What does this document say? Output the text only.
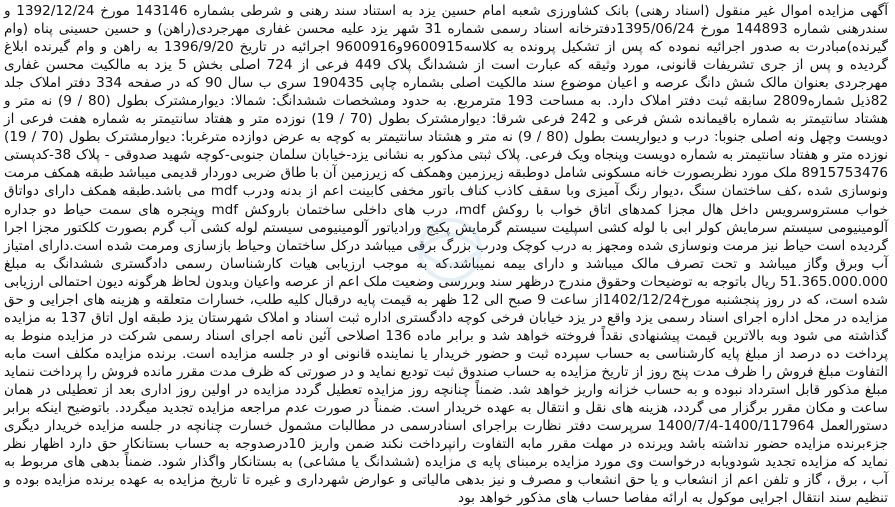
آگهی مزایده اموال غیر منقول (اسناد رهنی) بانک کشاورزی شعبه امام حسین یزد به استناد سند رهنی و شرطی بشماره 143146 مورخ 1392/12/24 و سندرهنی شماره 144893 مورخ 1395/06/24دفترخانه اسناد رسمی شماره 31 شهر یزد علیه محسن غفاری مهرجردی(راهن) و حسین حسینی پناه (وام گیرنده)مبادرت به صدور اجرائیه نموده که پس از تشکیل پرونده به کلاسه9600915و9600916 اجرائیه در تاریخ 1396/9/20 به راهن و وام گیرنده ابلاغ گردیده و پس از جری تشریفات قانونی، مورد وثیقه که عبارت است از ششدانگ پلاک 449 فرعی از 724 اصلی بخش 5 یزد به مالکیت محسن غفاری مهرجردی بعنوان مالک شش دانگ عرصه و اعیان موضوع سند مالکیت اصلی بشماره چاپی 190435 سری ب سال 90 که در صفحه 334 دفتر املاک جلد 82ذیل شماره2809 سابقه ثبت دفتر املاک دارد. به مساحت 193 مترمربع. به حدود ومشخصات ششدانگ: شمالا: دیوارمشترک بطول (80 / 9) نه متر و هشتاد سانتیمتر به شماره باقیمانده شش فرعی و 242 فرعی شرقا: دیوارمشترک بطول (70 / 19) نوزده متر و هفتاد سانتیمتر به شماره هفت فرعی از دویست وچهل ونه اصلی جنوبا: درب و دیواریست بطول (80 / 9) نه متر و هشتاد سانتیمتر به کوچه به عرض دوازده مترغربا: دیوارمشترک بطول (70 / 19) نوزده متر و هفتاد سانتیمتر به شماره دویست وپنجاه ویک فرعی. پلاک ثبتی مذکور به نشانی یزد-خیابان سلمان جنوبی-کوچه شهید صدوقی - پلاک 38-کدپستی 8915753476 ملک مورد نظربصورت خانه مسکونی شامل دوطبقه زیرزمین وهمکف که زیرزمین آن با طاق ضربی دوردار قدیمی میباشد طبقه همکف مرمت ونوسازی شده ،کف ساختمان سنگ ،دیوار رنگ آمیزی وبا سقف کاذب کناف باتور مخفی کابینت اعم از بدنه ودرب mdf می باشد.طبقه همکف دارای دواتاق خواب مستروسرویس داخل هال مجزا کمدهای اتاق خواب با روکش mdf، درب های داخلی ساختمان باروکش mdf وپنجره های سمت حیاط دو جداره آلومینیومی سیستم سرمایش کولر ابی با لوله کشی اسپلیت سیستم گرمایش پکیج ورادیاتور آلومینیومی سیستم لوله کشی آب گرم بصورت کلکتور مجزا اجرا گردیده است حیاط نیز مرمت ونوسازی شده ومجهز به درب کوچک ودرب بزرگ برقی میباشد درکل ساختمان وحیاط بازسازی ومرمت شده است.دارای امتیاز آب وبرق وگاز میباشد و تحت تصرف مالک میباشد و دارای بیمه نمیباشد.که به موجب ارزیابی هیات کارشناسان رسمی دادگستری ششدانگ به مبلغ 51.365.000.000 ریال باتوجه به توضیحات وحقوق مندرج درظهر سند وبررسی وضعیت ملک اعم از عرصه واعیان وبدون لحاظ هرگونه دیون احتمالی ارزیابی شده است، که در روز پنجشنبه مورخ1402/12/24از ساعت 9 صبح الی 12 ظهر به قیمت پایه درقبال کلیه طلب، خسارات متعلقه و هزینه های اجرایی و حق مزایده در محل اداره اجرای اسناد رسمی یزد واقع در یزد خیابان فرخی کوچه دادگستری اداره ثبت اسناد و املاک شهرستان یزد طبقه اول اتاق 137 به مزایده گذاشته می شود وبه بالاترین قیمت پیشنهادی نقداً فروخته خواهد شد و برابر ماده 136 اصلاحی آئین نامه اجرای اسناد رسمی شرکت در مزایده منوط به پرداخت ده درصد از مبلغ پایه کارشناسی به حساب سپرده ثبت و حضور خریدار یا نماینده قانونی او در جلسه مزایده است. برنده مزایده مکلف است مابه التفاوت مبلغ فروش را ظرف مدت پنج روز از تاریخ مزایده به حساب صندوق ثبت تودیع نماید و در صورتی که ظرف مدت مقرر مانده فروش را پرداخت ننماید مبلغ مذکور قابل استرداد نبوده و به حساب خزانه واریز خواهد شد. ضمناً چنانچه روز مزایده تعطیل گردد مزایده در اولین روز اداری بعد از تعطیلی در همان ساعت و مکان مقرر برگزار می گردد، هزینه های نقل و انتقال به عهده خریدار است. ضمناً در صورت عدم مراجعه مزایده تجدید میگردد. باتوضیح اینکه برابر دستورالعمل 1400/117964-1400/7/4 سرپرست دفتر نظارت براجرای اسنادرسمی در مطالبات مشمول خسارت چنانچه در جلسه مزایده خریدار دیگری جزءبرنده مزایده حضور نداشته باشد ویرنده در مهلت مقرر مابه التفاوت رانپرداخت نکند ضمن واریز 10درصدوجه به حساب بستانکار حق دارد اظهار نظر نماید که مزایده تجدید شودویابه درخواست وی مورد مزایده برمبنای پایه ی مزایده (ششدانگ یا مشاعی) به بستانکار واگذار شود. ضمناً بدهی های مربوط به آب ، برق ، گاز و تلفن اعم از انشعاب و یا حق انشعاب و مصرف و نیز بدهی مالیاتی و عوارض شهرداری و غیره تا تاریخ مزایده به عهده برنده مزایده بوده و تنظیم سند انتقال اجرایی موکول به ارائه مفاصا حساب های مذکور خواهد بود
